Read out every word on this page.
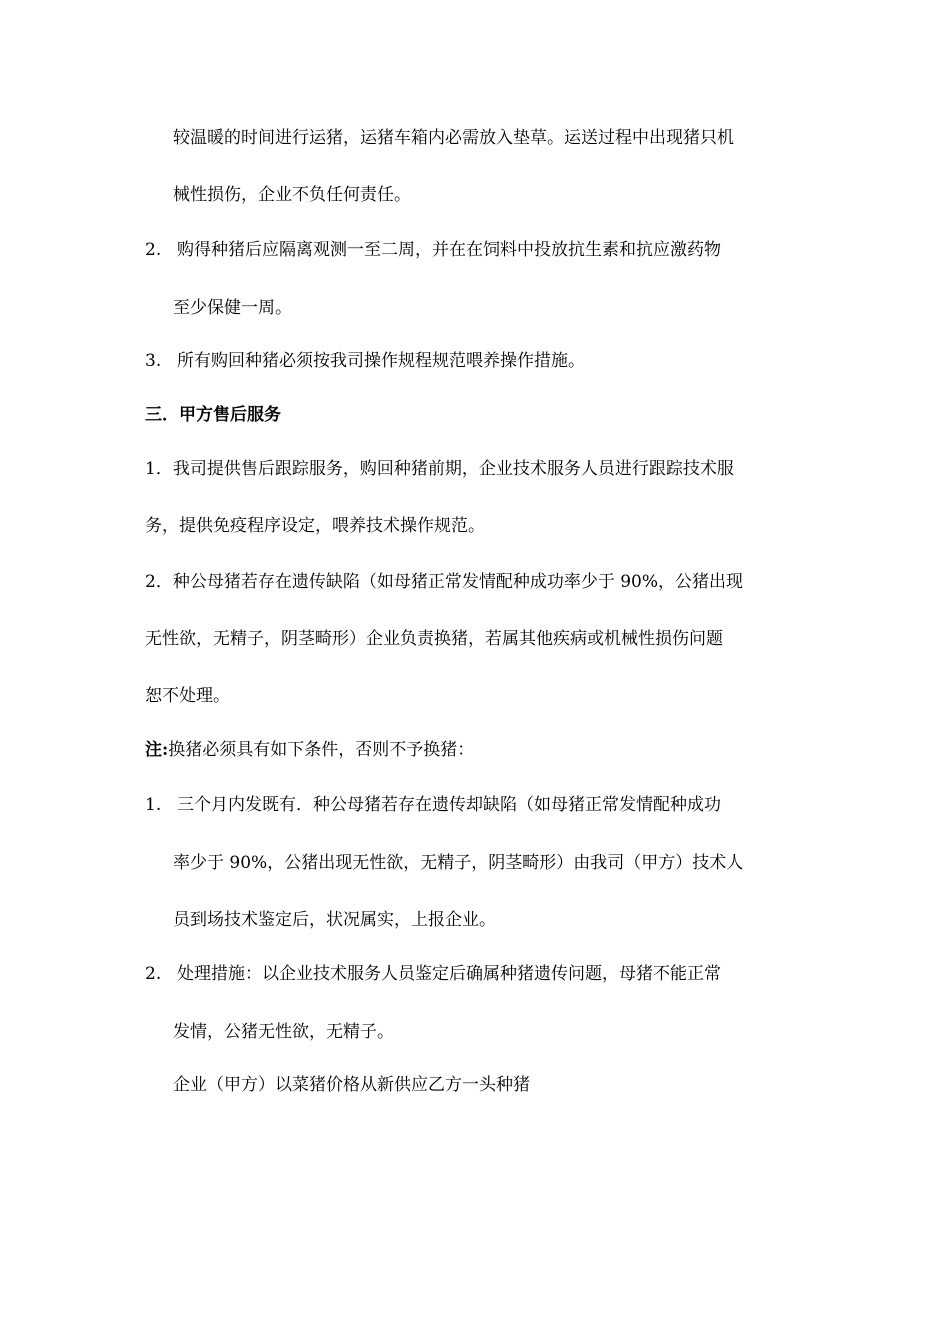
较温暖的时间进行运猪，运猪车箱内必需放入垫草。运送过程中出现猪只机
械性损伤，企业不负任何责任。
2. 购得种猪后应隔离观测一至二周，并在在饲料中投放抗生素和抗应激药物
至少保健一周。
3. 所有购回种猪必须按我司操作规程规范喂养操作措施。
三．甲方售后服务
1．我司提供售后跟踪服务，购回种猪前期，企业技术服务人员进行跟踪技术服
务，提供免疫程序设定，喂养技术操作规范。
2．种公母猪若存在遗传缺陷（如母猪正常发情配种成功率少于 90%，公猪出现
无性欲，无精子，阴茎畸形）企业负责换猪，若属其他疾病或机械性损伤问题
恕不处理。
注:换猪必须具有如下条件，否则不予换猪：
1. 三个月内发既有．种公母猪若存在遗传却缺陷（如母猪正常发情配种成功
率少于 90%，公猪出现无性欲，无精子，阴茎畸形）由我司（甲方）技术人
员到场技术鉴定后，状况属实，上报企业。
2. 处理措施：以企业技术服务人员鉴定后确属种猪遗传问题，母猪不能正常
发情，公猪无性欲，无精子。
企业（甲方）以菜猪价格从新供应乙方一头种猪
